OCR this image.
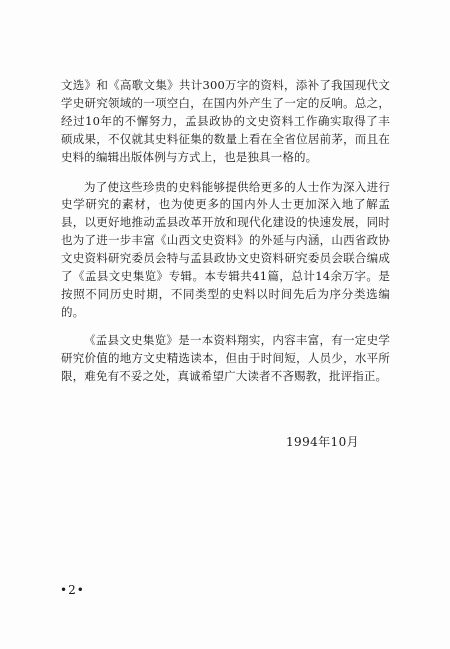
文选》和《高歌文集》共计300万字的资料，添补了我国现代文学史研究领域的一项空白，在国内外产生了一定的反响。总之，经过10年的不懈努力，孟县政协的文史资料工作确实取得了丰硕成果，不仅就其史料征集的数量上看在全省位居前茅，而且在史料的编辑出版体例与方式上，也是独具一格的。

为了使这些珍贵的史料能够提供给更多的人士作为深入进行史学研究的素材，也为使更多的国内外人士更加深入地了解孟县，以更好地推动孟县改革开放和现代化建设的快速发展，同时也为了进一步丰富《山西文史资料》的外延与内涵，山西省政协文史资料研究委员会特与孟县政协文史资料研究委员会联合编成了《孟县文史集览》专辑。本专辑共41篇，总计14余万字。是按照不同历史时期，不同类型的史料以时间先后为序分类选编的。

《孟县文史集览》是一本资料翔实，内容丰富，有一定史学研究价值的地方文史精选读本，但由于时间短，人员少，水平所限，难免有不妥之处，真诚希望广大读者不吝赐教，批评指正。

1994年10月
•2•
